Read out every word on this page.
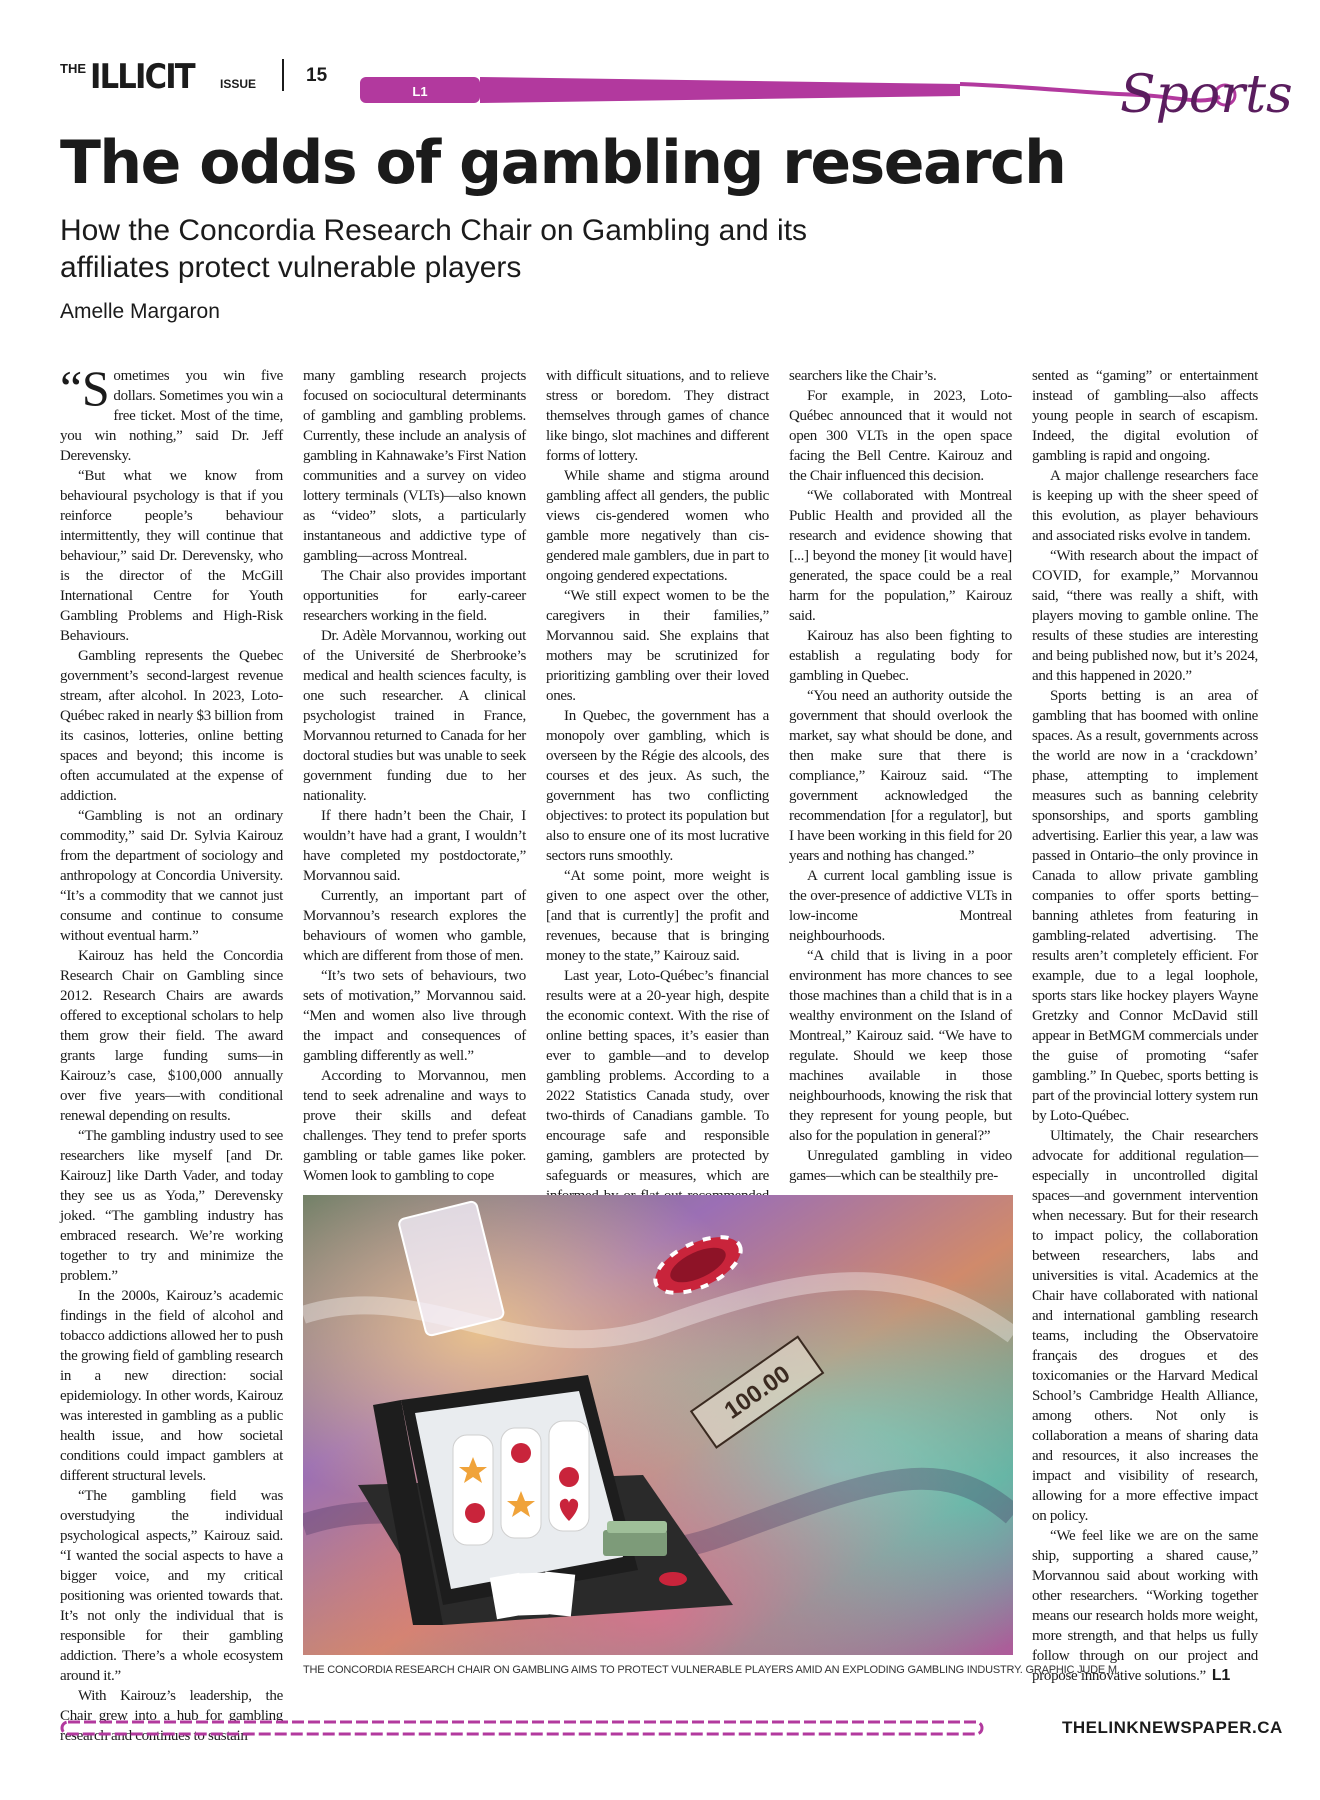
THE ILLICIT ISSUE	15
L1	Sports
The odds of gambling research

How the Concordia Research Chair on Gambling and its affiliates protect vulnerable players

Amelle Margaron

“Sometimes you win five dollars. Sometimes you win a free ticket. Most of the time, you win nothing,” said Dr. Jeff Derevensky.

“But what we know from behavioural psychology is that if you reinforce people’s behaviour intermittently, they will continue that behaviour,” said Dr. Derevensky, who is the director of the McGill International Centre for Youth Gambling Problems and High-Risk Behaviours.

Gambling represents the Quebec government’s second-largest revenue stream, after alcohol. In 2023, Loto-Québec raked in nearly $3 billion from its casinos, lotteries, online betting spaces and beyond; this income is often accumulated at the expense of addiction.

“Gambling is not an ordinary commodity,” said Dr. Sylvia Kairouz from the department of sociology and anthropology at Concordia University. “It’s a commodity that we cannot just consume and continue to consume without eventual harm.”

Kairouz has held the Concordia Research Chair on Gambling since 2012. Research Chairs are awards offered to exceptional scholars to help them grow their field. The award grants large funding sums—in Kairouz’s case, $100,000 annually over five years—with conditional renewal depending on results.

“The gambling industry used to see researchers like myself [and Dr. Kairouz] like Darth Vader, and today they see us as Yoda,” Derevensky joked. “The gambling industry has embraced research. We’re working together to try and minimize the problem.”

In the 2000s, Kairouz’s academic findings in the field of alcohol and tobacco addictions allowed her to push the growing field of gambling research in a new direction: social epidemiology. In other words, Kairouz was interested in gambling as a public health issue, and how societal conditions could impact gamblers at different structural levels.

“The gambling field was overstudying the individual psychological aspects,” Kairouz said. “I wanted the social aspects to have a bigger voice, and my critical positioning was oriented towards that. It’s not only the individual that is responsible for their gambling addiction. There’s a whole ecosystem around it.”

With Kairouz’s leadership, the Chair grew into a hub for gambling research and continues to sustain

many gambling research projects focused on sociocultural determinants of gambling and gambling problems. Currently, these include an analysis of gambling in Kahnawake’s First Nation communities and a survey on video lottery terminals (VLTs)—also known as “video” slots, a particularly instantaneous and addictive type of gambling—across Montreal.

The Chair also provides important opportunities for early-career researchers working in the field.

Dr. Adèle Morvannou, working out of the Université de Sherbrooke’s medical and health sciences faculty, is one such researcher. A clinical psychologist trained in France, Morvannou returned to Canada for her doctoral studies but was unable to seek government funding due to her nationality.

If there hadn’t been the Chair, I wouldn’t have had a grant, I wouldn’t have completed my postdoctorate,” Morvannou said.

Currently, an important part of Morvannou’s research explores the behaviours of women who gamble, which are different from those of men.

“It’s two sets of behaviours, two sets of motivation,” Morvannou said. “Men and women also live through the impact and consequences of gambling differently as well.”

According to Morvannou, men tend to seek adrenaline and ways to prove their skills and defeat challenges. They tend to prefer sports gambling or table games like poker. Women look to gambling to cope

with difficult situations, and to relieve stress or boredom. They distract themselves through games of chance like bingo, slot machines and different forms of lottery.

While shame and stigma around gambling affect all genders, the public views cis-gendered women who gamble more negatively than cis-gendered male gamblers, due in part to ongoing gendered expectations.

“We still expect women to be the caregivers in their families,” Morvannou said. She explains that mothers may be scrutinized for prioritizing gambling over their loved ones.

In Quebec, the government has a monopoly over gambling, which is overseen by the Régie des alcools, des courses et des jeux. As such, the government has two conflicting objectives: to protect its population but also to ensure one of its most lucrative sectors runs smoothly.

“At some point, more weight is given to one aspect over the other, [and that is currently] the profit and revenues, because that is bringing money to the state,” Kairouz said.

Last year, Loto-Québec’s financial results were at a 20-year high, despite the economic context. With the rise of online betting spaces, it’s easier than ever to gamble—and to develop gambling problems. According to a 2022 Statistics Canada study, over two-thirds of Canadians gamble. To encourage safe and responsible gaming, gamblers are protected by safeguards or measures, which are

searchers like the Chair’s.

For example, in 2023, Loto-Québec announced that it would not open 300 VLTs in the open space facing the Bell Centre. Kairouz and the Chair influenced this decision.

“We collaborated with Montreal Public Health and provided all the research and evidence showing that [...] beyond the money [it would have] generated, the space could be a real harm for the population,” Kairouz said.

Kairouz has also been fighting to establish a regulating body for gambling in Quebec.

“You need an authority outside the government that should overlook the market, say what should be done, and then make sure that there is compliance,” Kairouz said. “The government acknowledged the recommendation [for a regulator], but I have been working in this field for 20 years and nothing has changed.”

A current local gambling issue is the over-presence of addictive VLTs in low-income Montreal neighbourhoods.

“A child that is living in a poor environment has more chances to see those machines than a child that is in a wealthy environment on the Island of Montreal,” Kairouz said. “We have to regulate. Should we keep those machines available in those neighbourhoods, knowing the risk that they represent for young people, but also for the population in general?”

Unregulated gambling in video games—which can be stealthily pre-

sented as “gaming” or entertainment instead of gambling—also affects young people in search of escapism. Indeed, the digital evolution of gambling is rapid and ongoing.

A major challenge researchers face is keeping up with the sheer speed of this evolution, as player behaviours and associated risks evolve in tandem.

“With research about the impact of COVID, for example,” Morvannou said, “there was really a shift, with players moving to gamble online. The results of these studies are interesting and being published now, but it’s 2024, and this happened in 2020.”

Sports betting is an area of gambling that has boomed with online spaces. As a result, governments across the world are now in a ‘crackdown’ phase, attempting to implement measures such as banning celebrity sponsorships, and sports gambling advertising. Earlier this year, a law was passed in Ontario–the only province in Canada to allow private gambling companies to offer sports betting–banning athletes from featuring in gambling-related advertising. The results aren’t completely efficient. For example, due to a legal loophole, sports stars like hockey players Wayne Gretzky and Connor McDavid still appear in BetMGM commercials under the guise of promoting “safer gambling.” In Quebec, sports betting is part of the provincial lottery system run by Loto-Québec.

Ultimately, the Chair researchers advocate for additional regulation—especially in uncontrolled digital spaces—and government intervention when necessary. But for their research to impact policy, the collaboration between researchers, labs and universities is vital. Academics at the Chair have collaborated with national and international gambling research teams, including the Observatoire français des drogues et des toxicomanies or the Harvard Medical School’s Cambridge Health Alliance, among others. Not only is collaboration a means of sharing data and resources, it also increases the impact and visibility of research, allowing for a more effective impact on policy.

“We feel like we are on the same ship, supporting a shared cause,” Morvannou said about working with other researchers. “Working together means our research holds more weight, more strength, and that helps us fully follow through on our project and propose innovative solutions.” L1

100.00
THE CONCORDIA RESEARCH CHAIR ON GAMBLING AIMS TO PROTECT VULNERABLE PLAYERS AMID AN EXPLODING GAMBLING INDUSTRY. GRAPHIC JUDE M.
THELINKNEWSPAPER.CA
